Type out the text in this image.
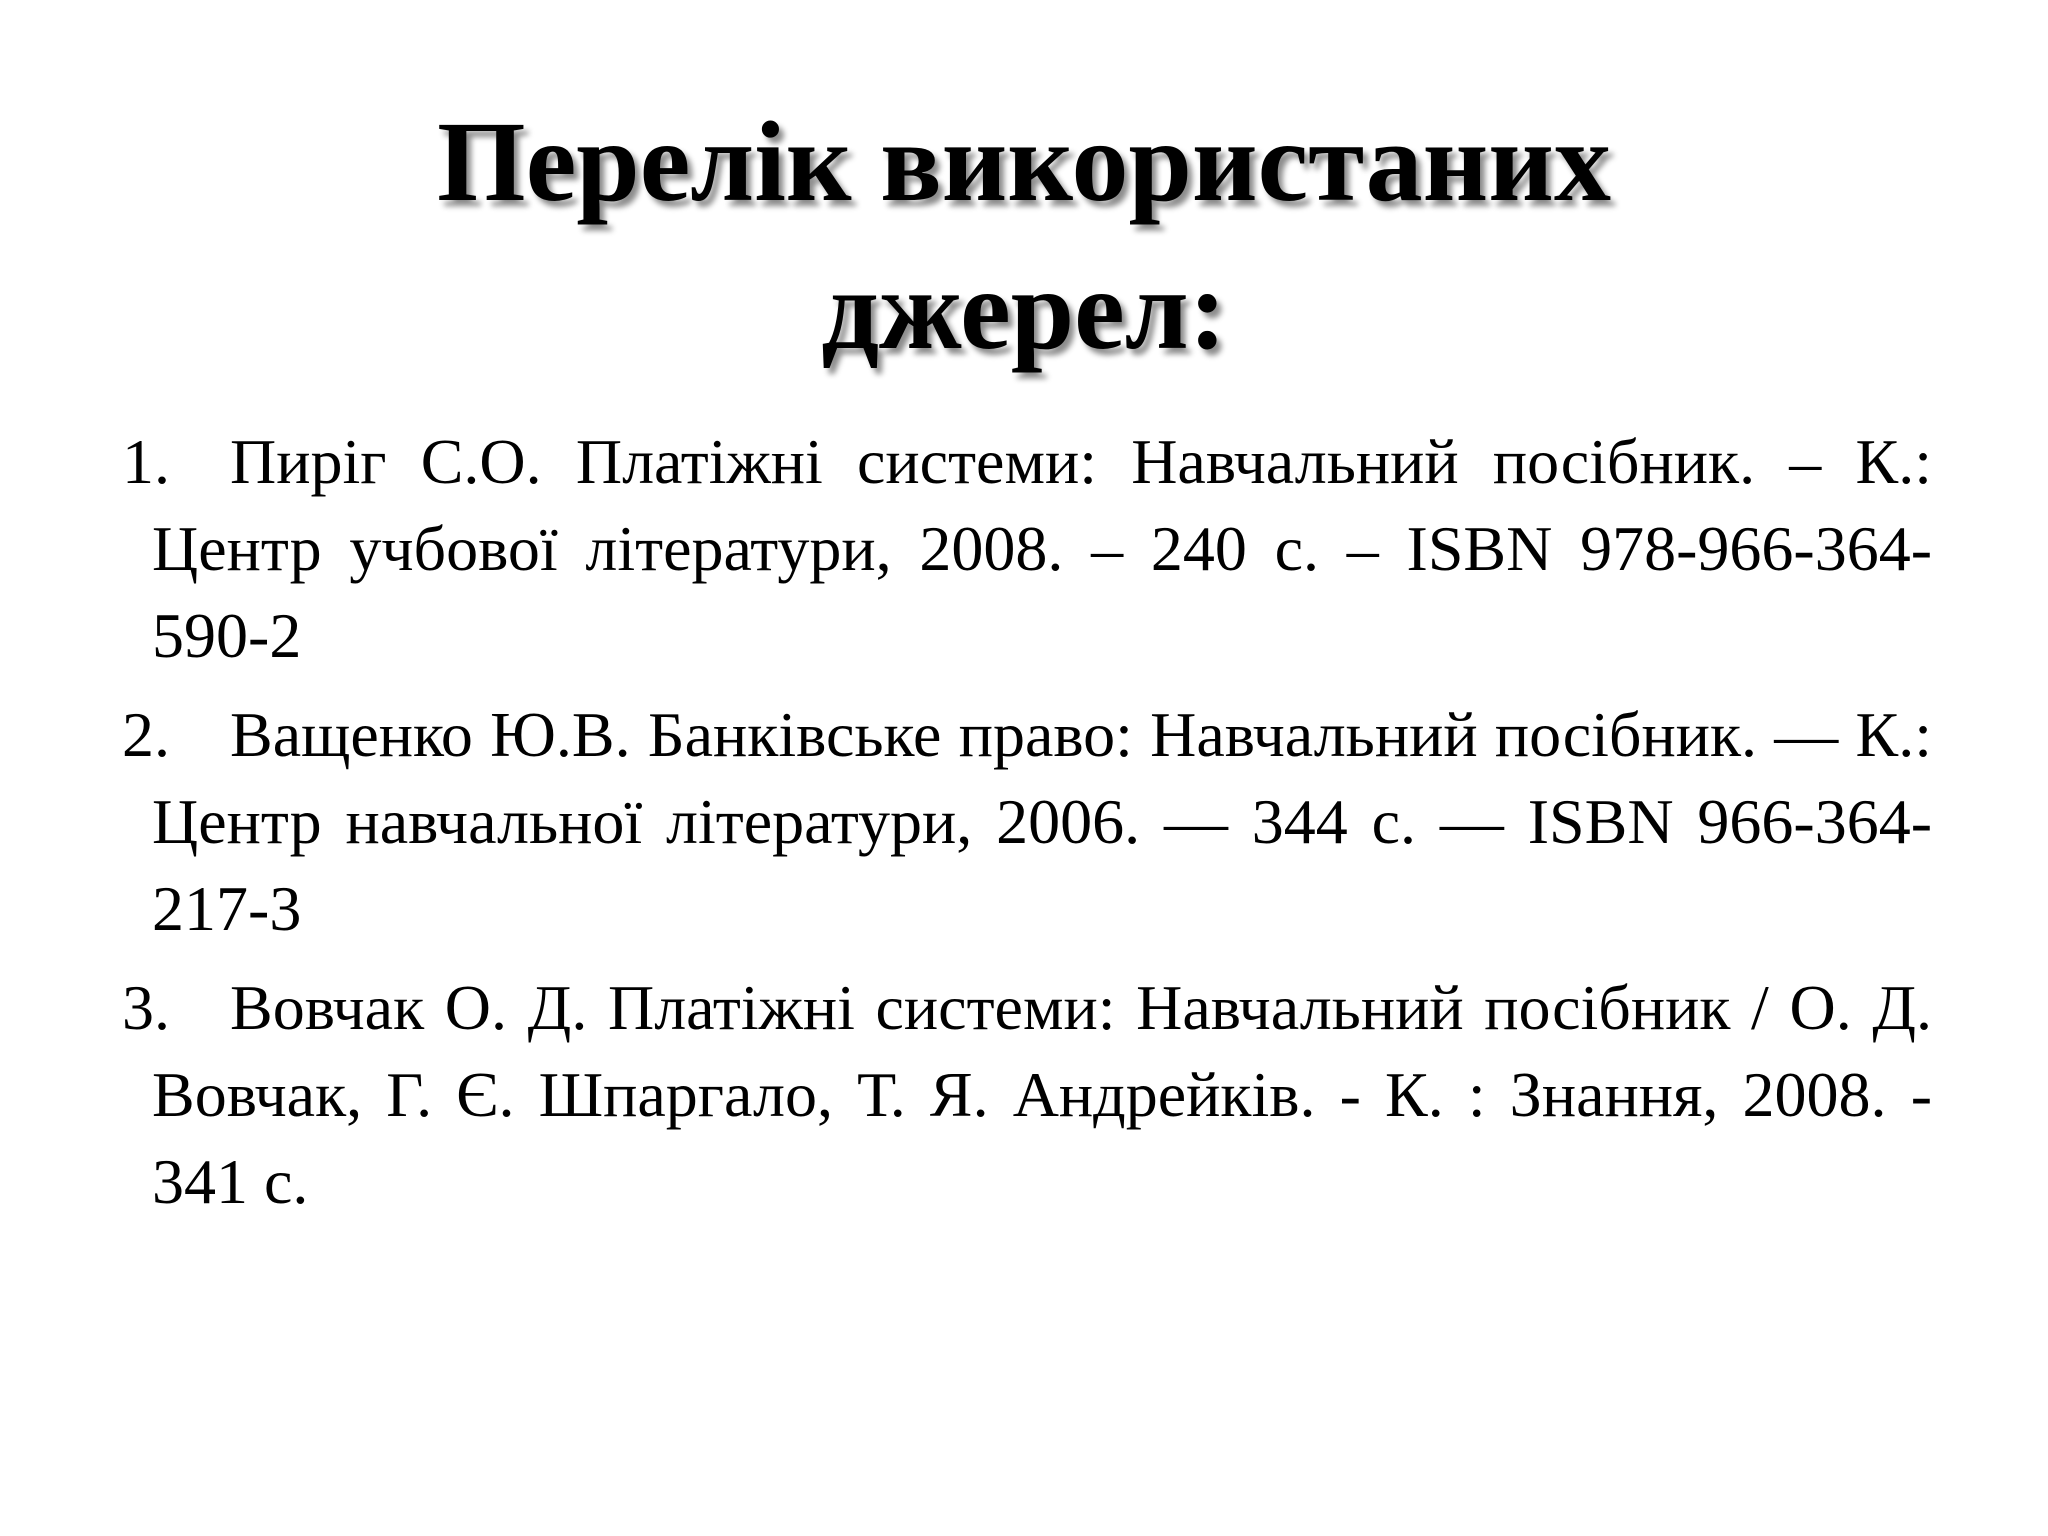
Перелік використаних
джерел:
1. Пиріг С.О. Платіжні системи: Навчальний посібник. – К.: Центр учбової літератури, 2008. – 240 с. – ISBN 978-966-364-590-2
2. Ващенко Ю.В. Банківське право: Навчальний посібник. — К.: Центр навчальної літератури, 2006. — 344 с. — ISBN 966-364-217-3
3. Вовчак О. Д. Платіжні системи: Навчальний посібник / О. Д. Вовчак, Г. Є. Шпаргало, Т. Я. Андрейків. - К. : Знання, 2008. - 341 с.
